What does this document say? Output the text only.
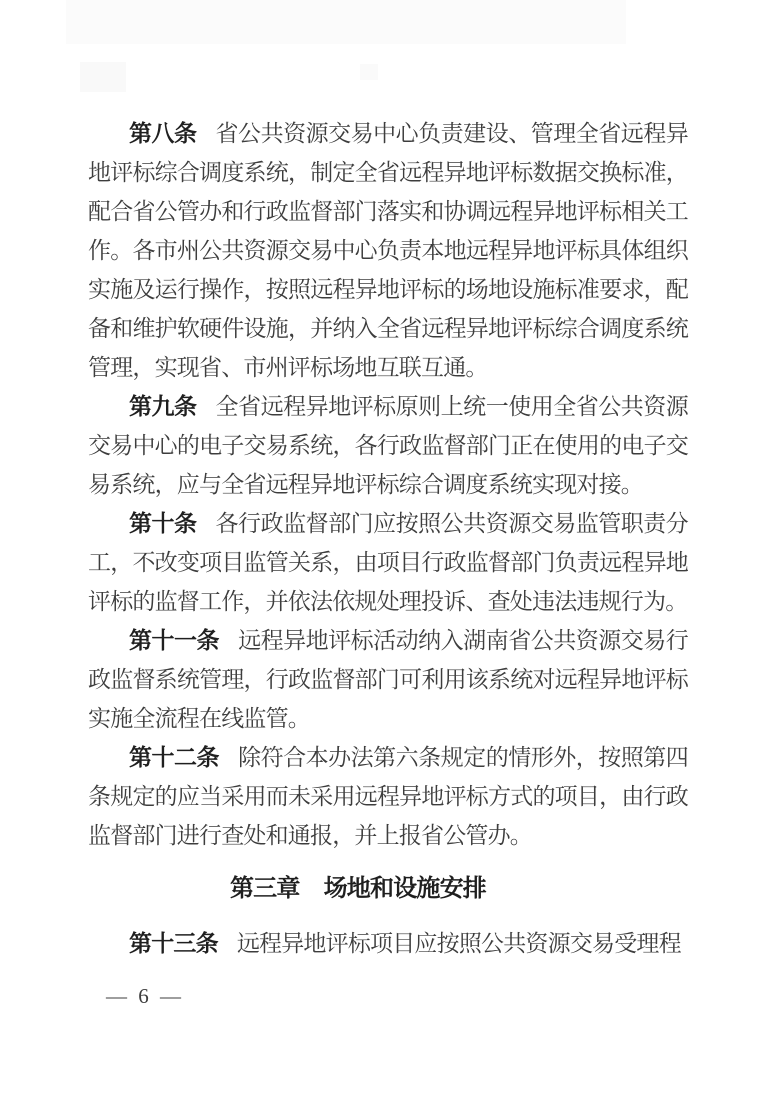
第八条 省公共资源交易中心负责建设、管理全省远程异地评标综合调度系统，制定全省远程异地评标数据交换标准，配合省公管办和行政监督部门落实和协调远程异地评标相关工作。各市州公共资源交易中心负责本地远程异地评标具体组织实施及运行操作，按照远程异地评标的场地设施标准要求，配备和维护软硬件设施，并纳入全省远程异地评标综合调度系统管理，实现省、市州评标场地互联互通。

第九条 全省远程异地评标原则上统一使用全省公共资源交易中心的电子交易系统，各行政监督部门正在使用的电子交易系统，应与全省远程异地评标综合调度系统实现对接。

第十条 各行政监督部门应按照公共资源交易监管职责分工，不改变项目监管关系，由项目行政监督部门负责远程异地评标的监督工作，并依法依规处理投诉、查处违法违规行为。

第十一条 远程异地评标活动纳入湖南省公共资源交易行政监督系统管理，行政监督部门可利用该系统对远程异地评标实施全流程在线监管。

第十二条 除符合本办法第六条规定的情形外，按照第四条规定的应当采用而未采用远程异地评标方式的项目，由行政监督部门进行查处和通报，并上报省公管办。

第三章 场地和设施安排

第十三条 远程异地评标项目应按照公共资源交易受理程

— 6 —
